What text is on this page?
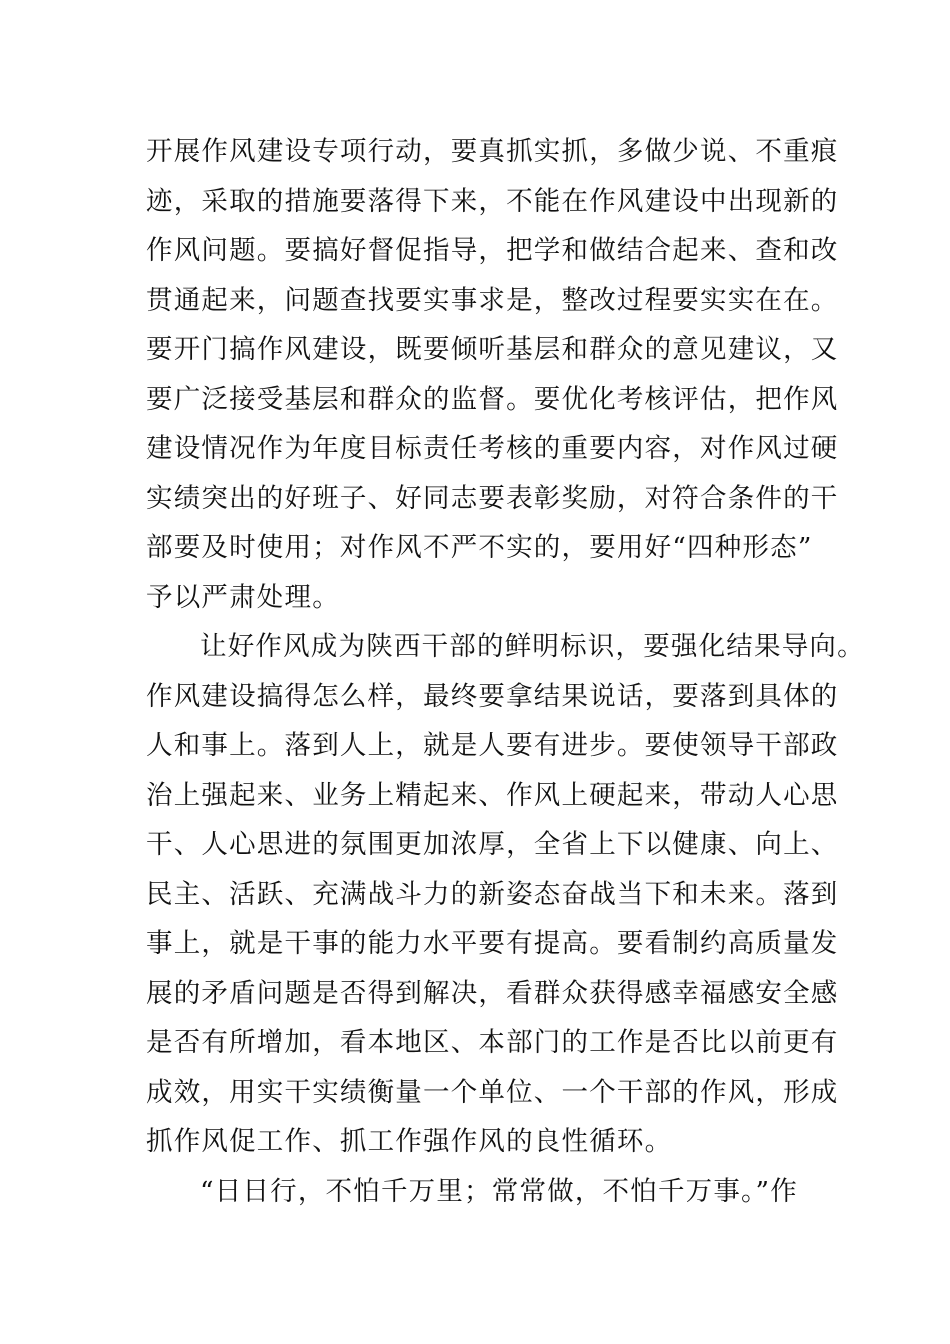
开展作风建设专项行动，要真抓实抓，多做少说、不重痕
迹，采取的措施要落得下来，不能在作风建设中出现新的
作风问题。要搞好督促指导，把学和做结合起来、查和改
贯通起来，问题查找要实事求是，整改过程要实实在在。
要开门搞作风建设，既要倾听基层和群众的意见建议，又
要广泛接受基层和群众的监督。要优化考核评估，把作风
建设情况作为年度目标责任考核的重要内容，对作风过硬
实绩突出的好班子、好同志要表彰奖励，对符合条件的干
部要及时使用；对作风不严不实的，要用好“四种形态”
予以严肃处理。
让好作风成为陕西干部的鲜明标识，要强化结果导向。
作风建设搞得怎么样，最终要拿结果说话，要落到具体的
人和事上。落到人上，就是人要有进步。要使领导干部政
治上强起来、业务上精起来、作风上硬起来，带动人心思
干、人心思进的氛围更加浓厚，全省上下以健康、向上、
民主、活跃、充满战斗力的新姿态奋战当下和未来。落到
事上，就是干事的能力水平要有提高。要看制约高质量发
展的矛盾问题是否得到解决，看群众获得感幸福感安全感
是否有所增加，看本地区、本部门的工作是否比以前更有
成效，用实干实绩衡量一个单位、一个干部的作风，形成
抓作风促工作、抓工作强作风的良性循环。
“日日行，不怕千万里；常常做，不怕千万事。”作
